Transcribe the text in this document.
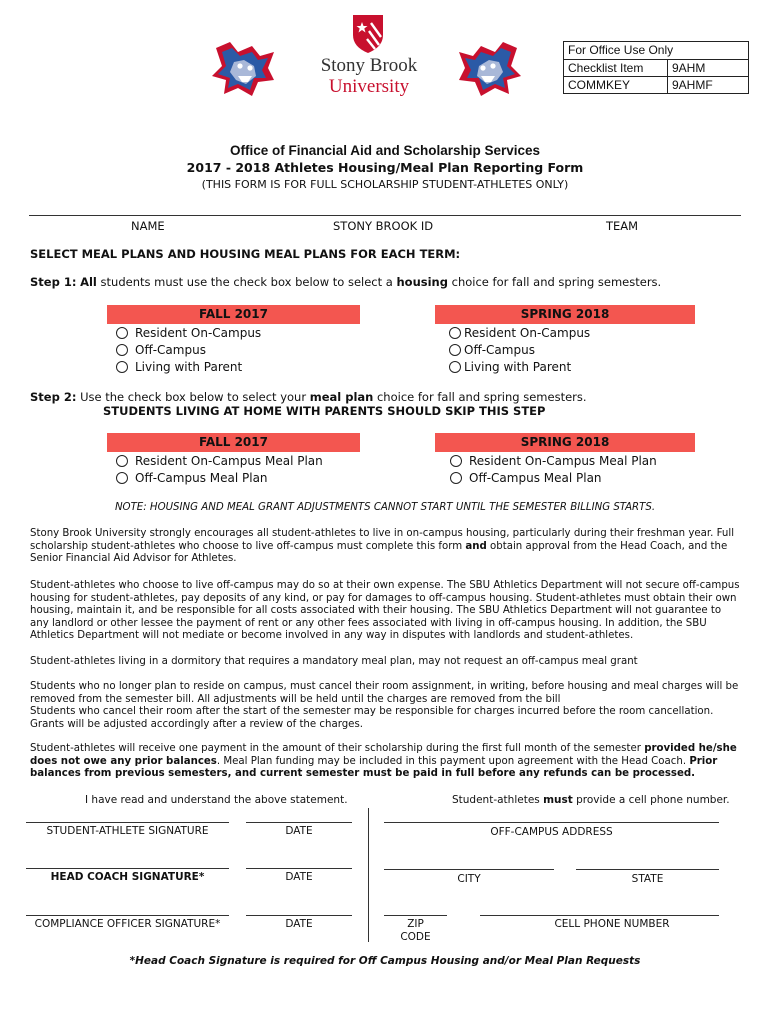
Stony Brook
University
For Office Use Only
Checklist Item	9AHM
COMMKEY	9AHMF
Office of Financial Aid and Scholarship Services
2017 - 2018 Athletes Housing/Meal Plan Reporting Form
(THIS FORM IS FOR FULL SCHOLARSHIP STUDENT-ATHLETES ONLY)
NAME	STONY BROOK ID	TEAM
SELECT MEAL PLANS AND HOUSING MEAL PLANS FOR EACH TERM:
Step 1: All students must use the check box below to select a housing choice for fall and spring semesters.
FALL 2017
Resident On-Campus
Off-Campus
Living with Parent
SPRING 2018
Resident On-Campus
Off-Campus
Living with Parent
Step 2: Use the check box below to select your meal plan choice for fall and spring semesters.
STUDENTS LIVING AT HOME WITH PARENTS SHOULD SKIP THIS STEP
FALL 2017
Resident On-Campus Meal Plan
Off-Campus Meal Plan
SPRING 2018
Resident On-Campus Meal Plan
Off-Campus Meal Plan
NOTE: HOUSING AND MEAL GRANT ADJUSTMENTS CANNOT START UNTIL THE SEMESTER BILLING STARTS.
Stony Brook University strongly encourages all student-athletes to live in on-campus housing, particularly during their freshman year. Full scholarship student-athletes who choose to live off-campus must complete this form and obtain approval from the Head Coach, and the Senior Financial Aid Advisor for Athletes.
Student-athletes who choose to live off-campus may do so at their own expense. The SBU Athletics Department will not secure off-campus housing for student-athletes, pay deposits of any kind, or pay for damages to off-campus housing. Student-athletes must obtain their own housing, maintain it, and be responsible for all costs associated with their housing. The SBU Athletics Department will not guarantee to any landlord or other lessee the payment of rent or any other fees associated with living in off-campus housing. In addition, the SBU Athletics Department will not mediate or become involved in any way in disputes with landlords and student-athletes.
Student-athletes living in a dormitory that requires a mandatory meal plan, may not request an off-campus meal grant
Students who no longer plan to reside on campus, must cancel their room assignment, in writing, before housing and meal charges will be removed from the semester bill. All adjustments will be held until the charges are removed from the bill
Students who cancel their room after the start of the semester may be responsible for charges incurred before the room cancellation.
Grants will be adjusted accordingly after a review of the charges.
Student-athletes will receive one payment in the amount of their scholarship during the first full month of the semester provided he/she does not owe any prior balances. Meal Plan funding may be included in this payment upon agreement with the Head Coach. Prior balances from previous semesters, and current semester must be paid in full before any refunds can be processed.
I have read and understand the above statement.	Student-athletes must provide a cell phone number.
STUDENT-ATHLETE SIGNATURE	DATE
HEAD COACH SIGNATURE*	DATE
COMPLIANCE OFFICER SIGNATURE*	DATE
OFF-CAMPUS ADDRESS
CITY	STATE
ZIP
CODE
CELL PHONE NUMBER
*Head Coach Signature is required for Off Campus Housing and/or Meal Plan Requests
